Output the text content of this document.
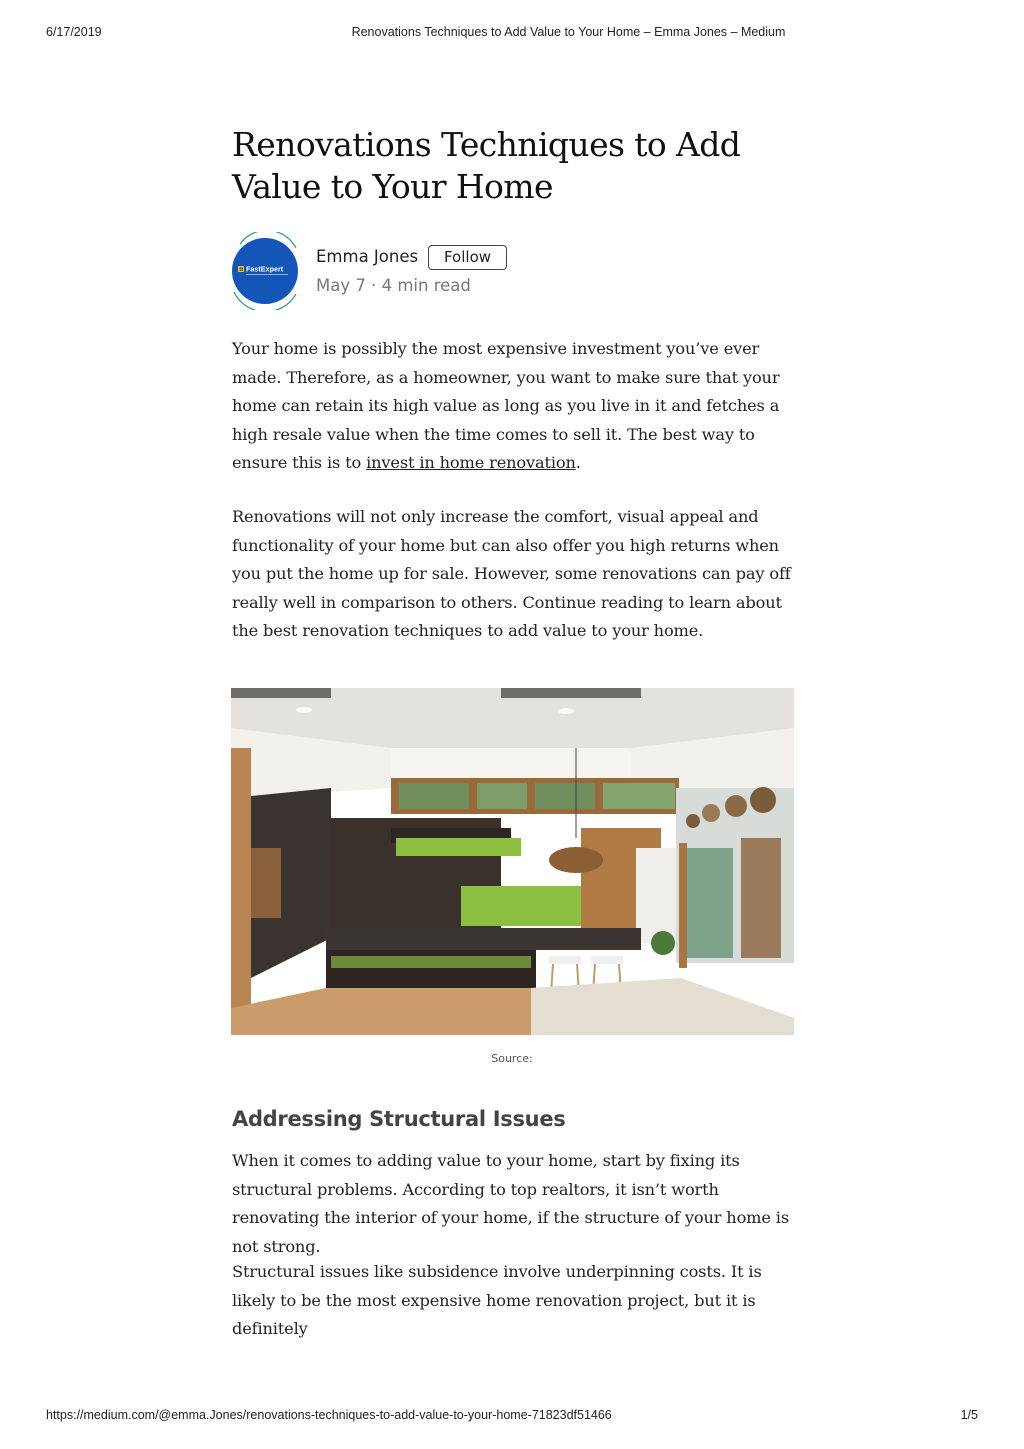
6/17/2019	Renovations Techniques to Add Value to Your Home – Emma Jones – Medium
Renovations Techniques to Add Value to Your Home
FastExpert
Emma Jones	Follow
May 7 · 4 min read

Your home is possibly the most expensive investment you’ve ever made. Therefore, as a homeowner, you want to make sure that your home can retain its high value as long as you live in it and fetches a high resale value when the time comes to sell it. The best way to ensure this is to invest in home renovation.

Renovations will not only increase the comfort, visual appeal and functionality of your home but can also offer you high returns when you put the home up for sale. However, some renovations can pay off really well in comparison to others. Continue reading to learn about the best renovation techniques to add value to your home.

Addressing Structural Issues

When it comes to adding value to your home, start by fixing its structural problems. According to top realtors, it isn’t worth renovating the interior of your home, if the structure of your home is not strong.

Structural issues like subsidence involve underpinning costs. It is likely to be the most expensive home renovation project, but it is definitely

Source:
https://medium.com/@emma.Jones/renovations-techniques-to-add-value-to-your-home-71823df51466	1/5
